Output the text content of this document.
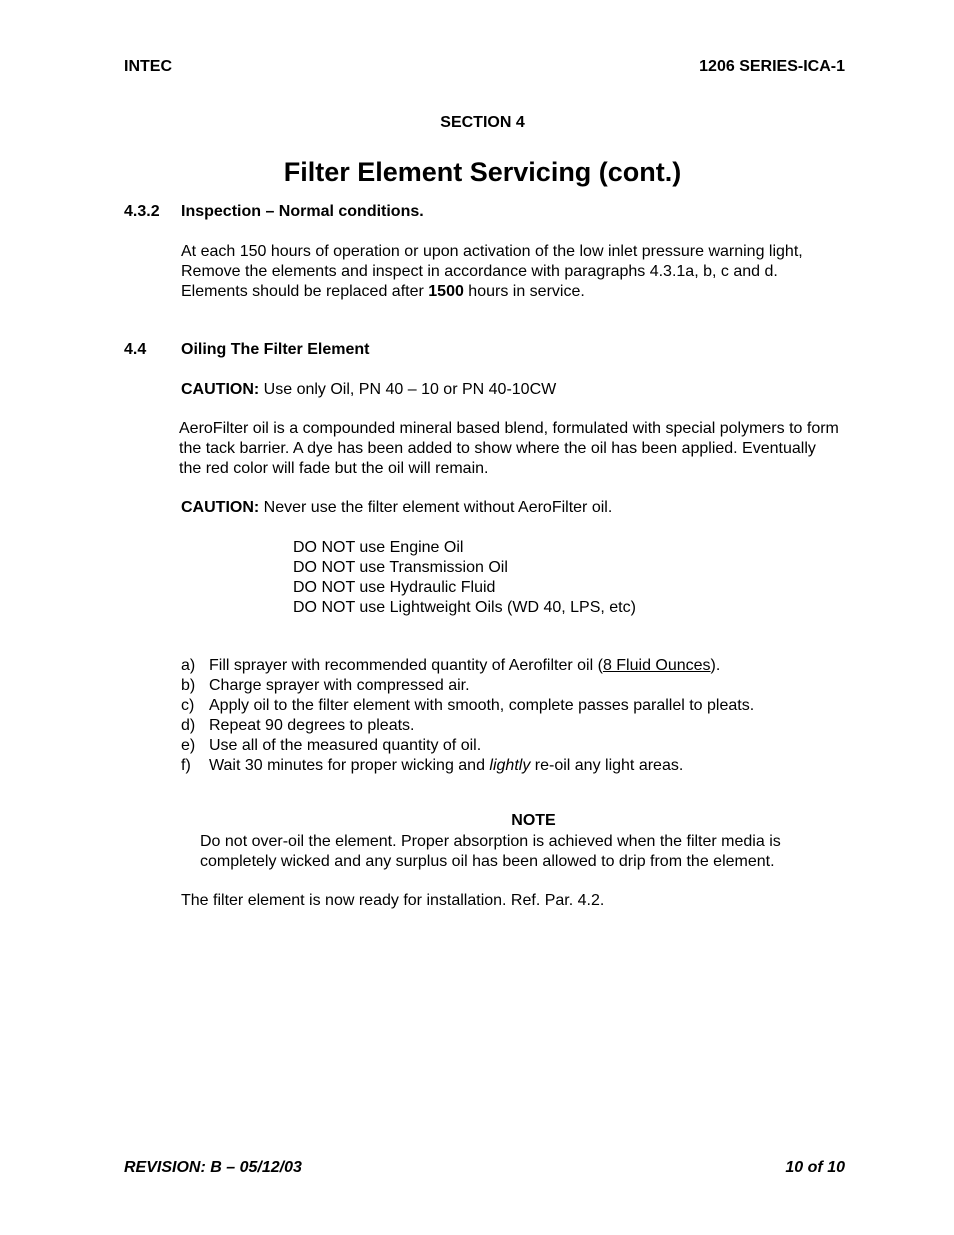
INTEC	1206 SERIES-ICA-1
SECTION 4
Filter Element Servicing (cont.)
4.3.2 Inspection – Normal conditions.
At each 150 hours of operation or upon activation of the low inlet pressure warning light,
Remove the elements and inspect in accordance with paragraphs 4.3.1a, b, c and d.
Elements should be replaced after 1500 hours in service.
4.4 Oiling The Filter Element
CAUTION: Use only Oil, PN 40 – 10 or PN 40-10CW
AeroFilter oil is a compounded mineral based blend, formulated with special polymers to form
the tack barrier. A dye has been added to show where the oil has been applied. Eventually
the red color will fade but the oil will remain.
CAUTION: Never use the filter element without AeroFilter oil.
DO NOT use Engine Oil
DO NOT use Transmission Oil
DO NOT use Hydraulic Fluid
DO NOT use Lightweight Oils (WD 40, LPS, etc)
a) Fill sprayer with recommended quantity of Aerofilter oil (8 Fluid Ounces).
b) Charge sprayer with compressed air.
c) Apply oil to the filter element with smooth, complete passes parallel to pleats.
d) Repeat 90 degrees to pleats.
e) Use all of the measured quantity of oil.
f) Wait 30 minutes for proper wicking and lightly re-oil any light areas.
NOTE
Do not over-oil the element. Proper absorption is achieved when the filter media is
completely wicked and any surplus oil has been allowed to drip from the element.
The filter element is now ready for installation. Ref. Par. 4.2.
REVISION: B – 05/12/03	10 of 10
